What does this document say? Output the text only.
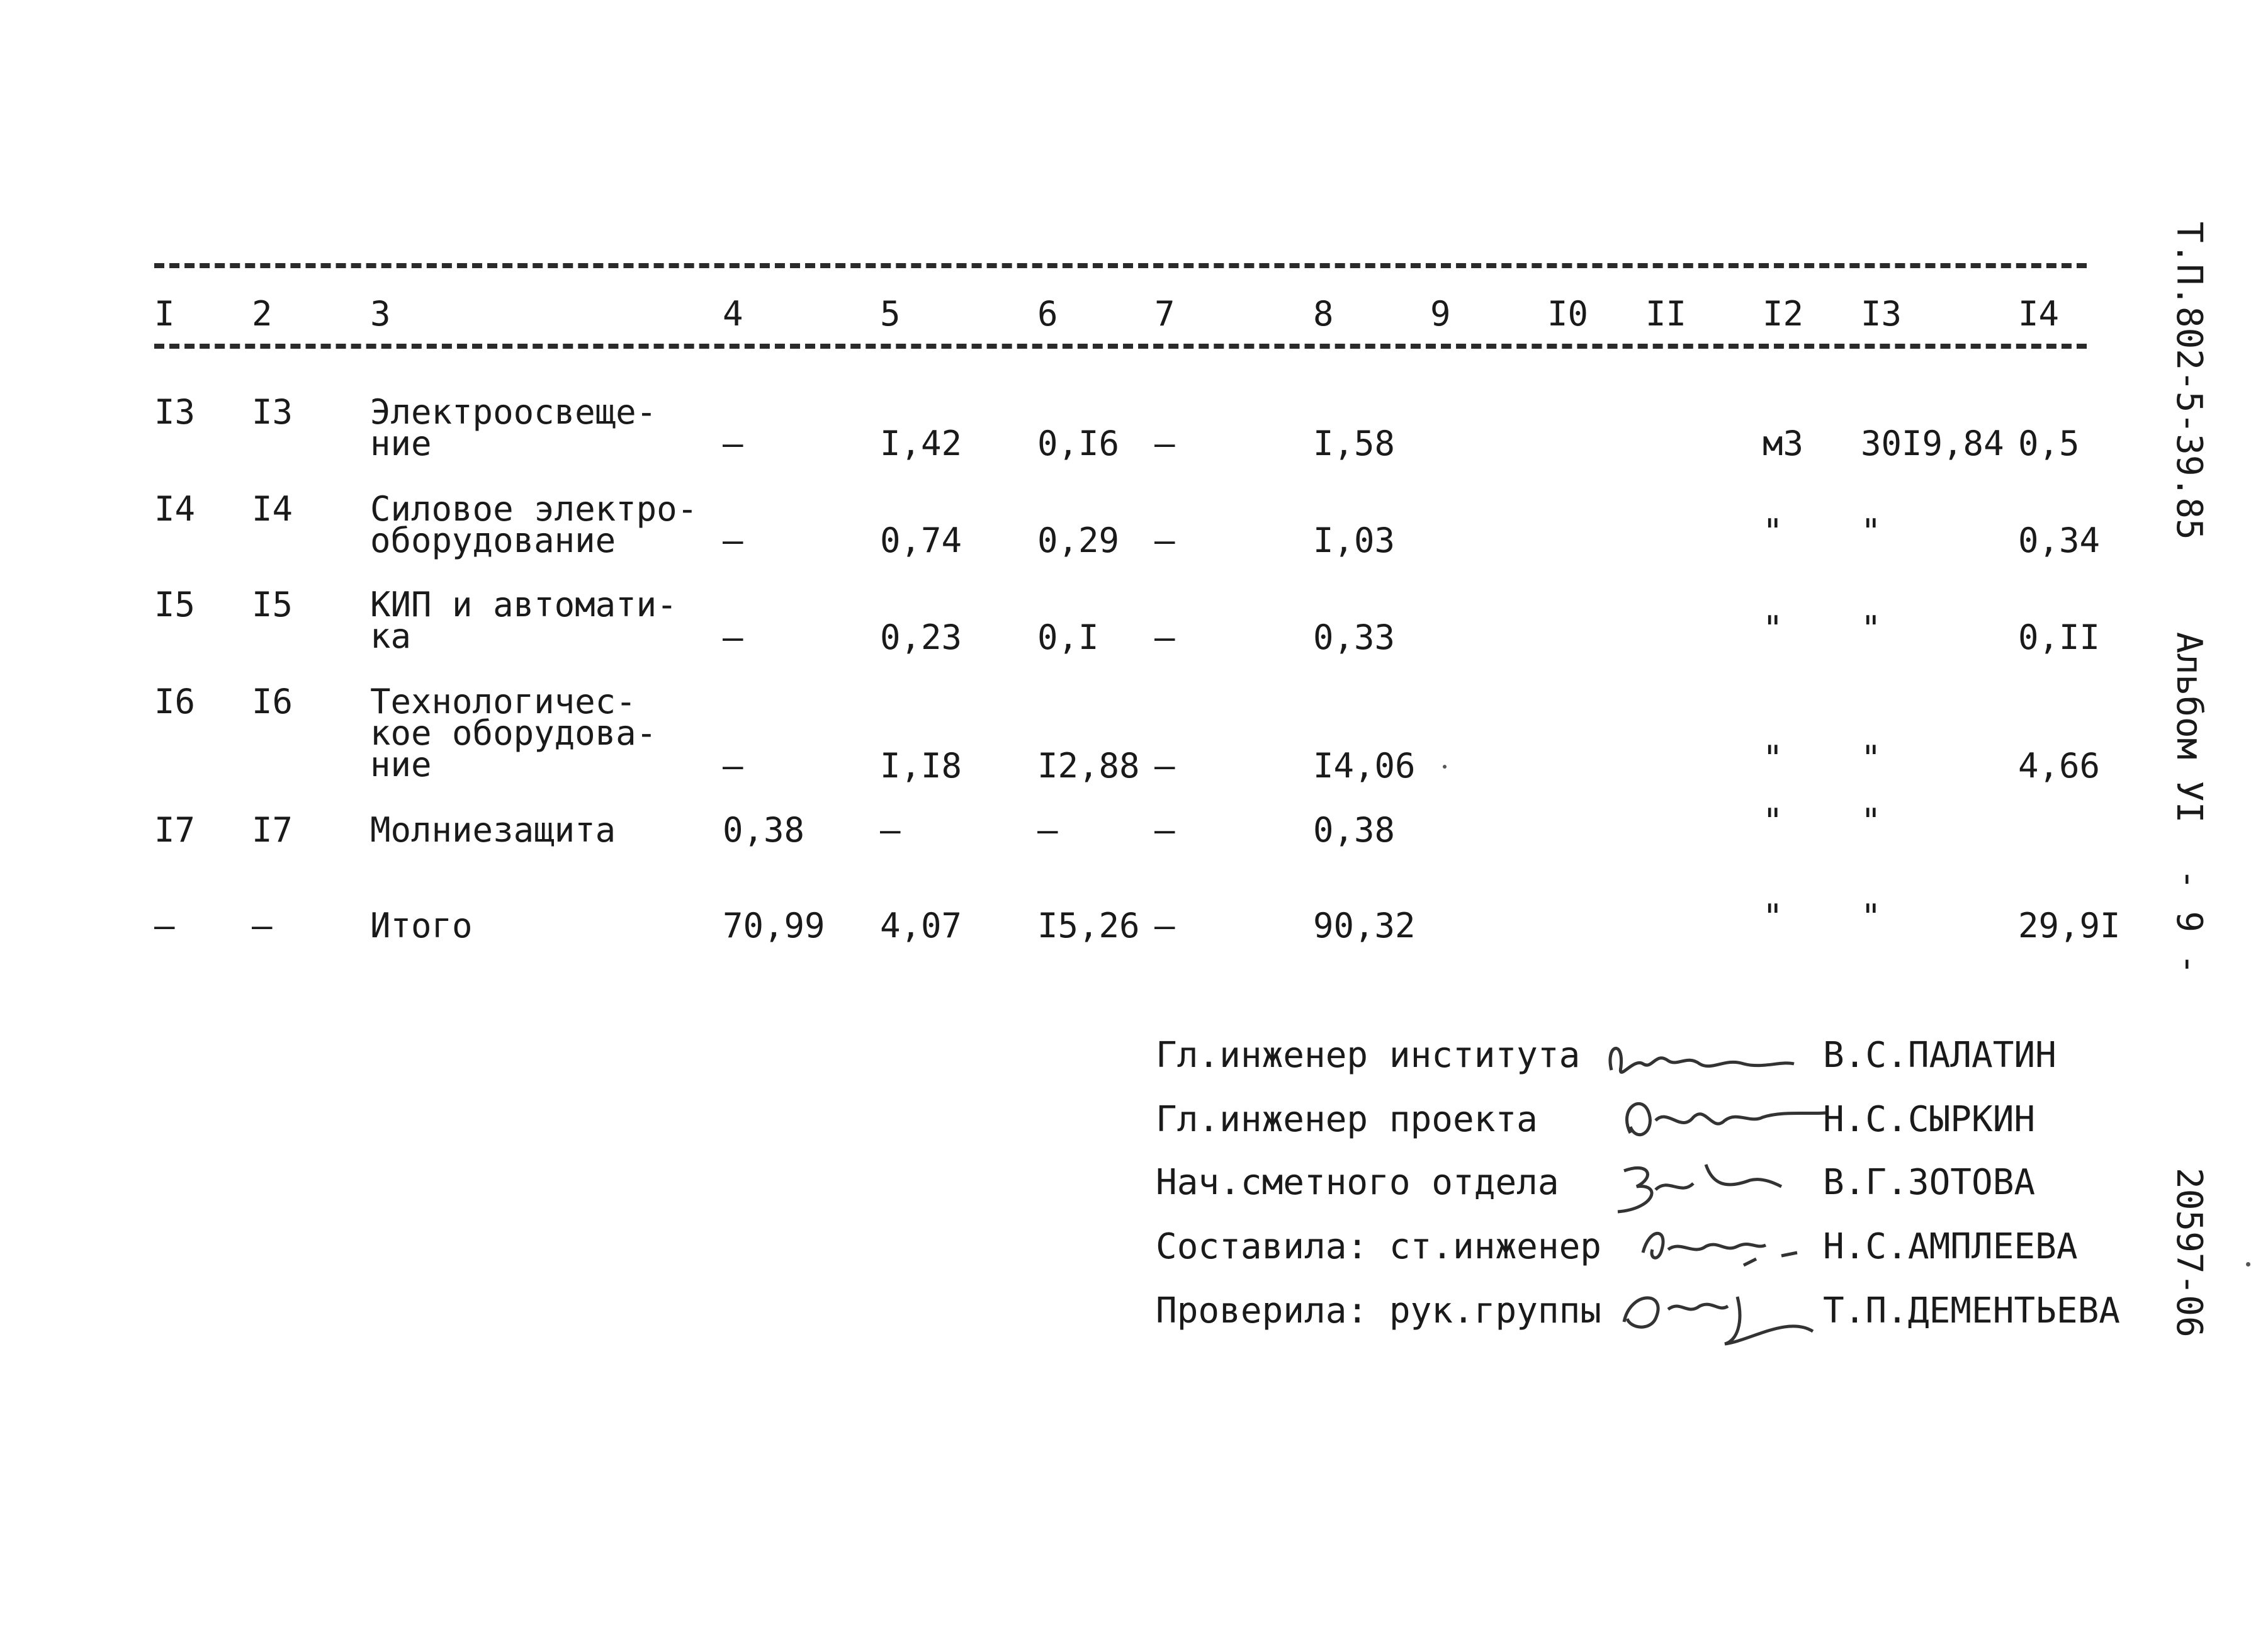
I 2	3	4	5	6	7	8	9	I0 II I2 I3	I4
I3 I3 Электроосвеще-
ние	–	I,42 0,I6 –	I,58	м3 30I9,84 0,5
I4 I4 Силовое электро-
оборудование	–	0,74 0,29 –	I,03	" "	0,34
I5 I5 КИП и автомати-
ка	–	0,23 0,I –	0,33	" "	0,II
I6 I6 Технологичес-
кое оборудова-
ние	–	I,I8 I2,88 –	I4,06	" "	4,66
I7 I7 Молниезащита	0,38 –	–	–	0,38	" "
– –	Итого	70,99 4,07 I5,26 –	90,32	" "	29,9I
Гл.инженер института	В.С.ПАЛАТИН
Гл.инженер проекта	Н.С.СЫРКИН
Нач.сметного отдела	В.Г.ЗОТОВА
Составила: ст.инженер	Н.С.АМПЛЕЕВА
Проверила: рук.группы	Т.П.ДЕМЕНТЬЕВА
Т.П.802-5-39.85
Альбом УI
- 9 -
20597-06
